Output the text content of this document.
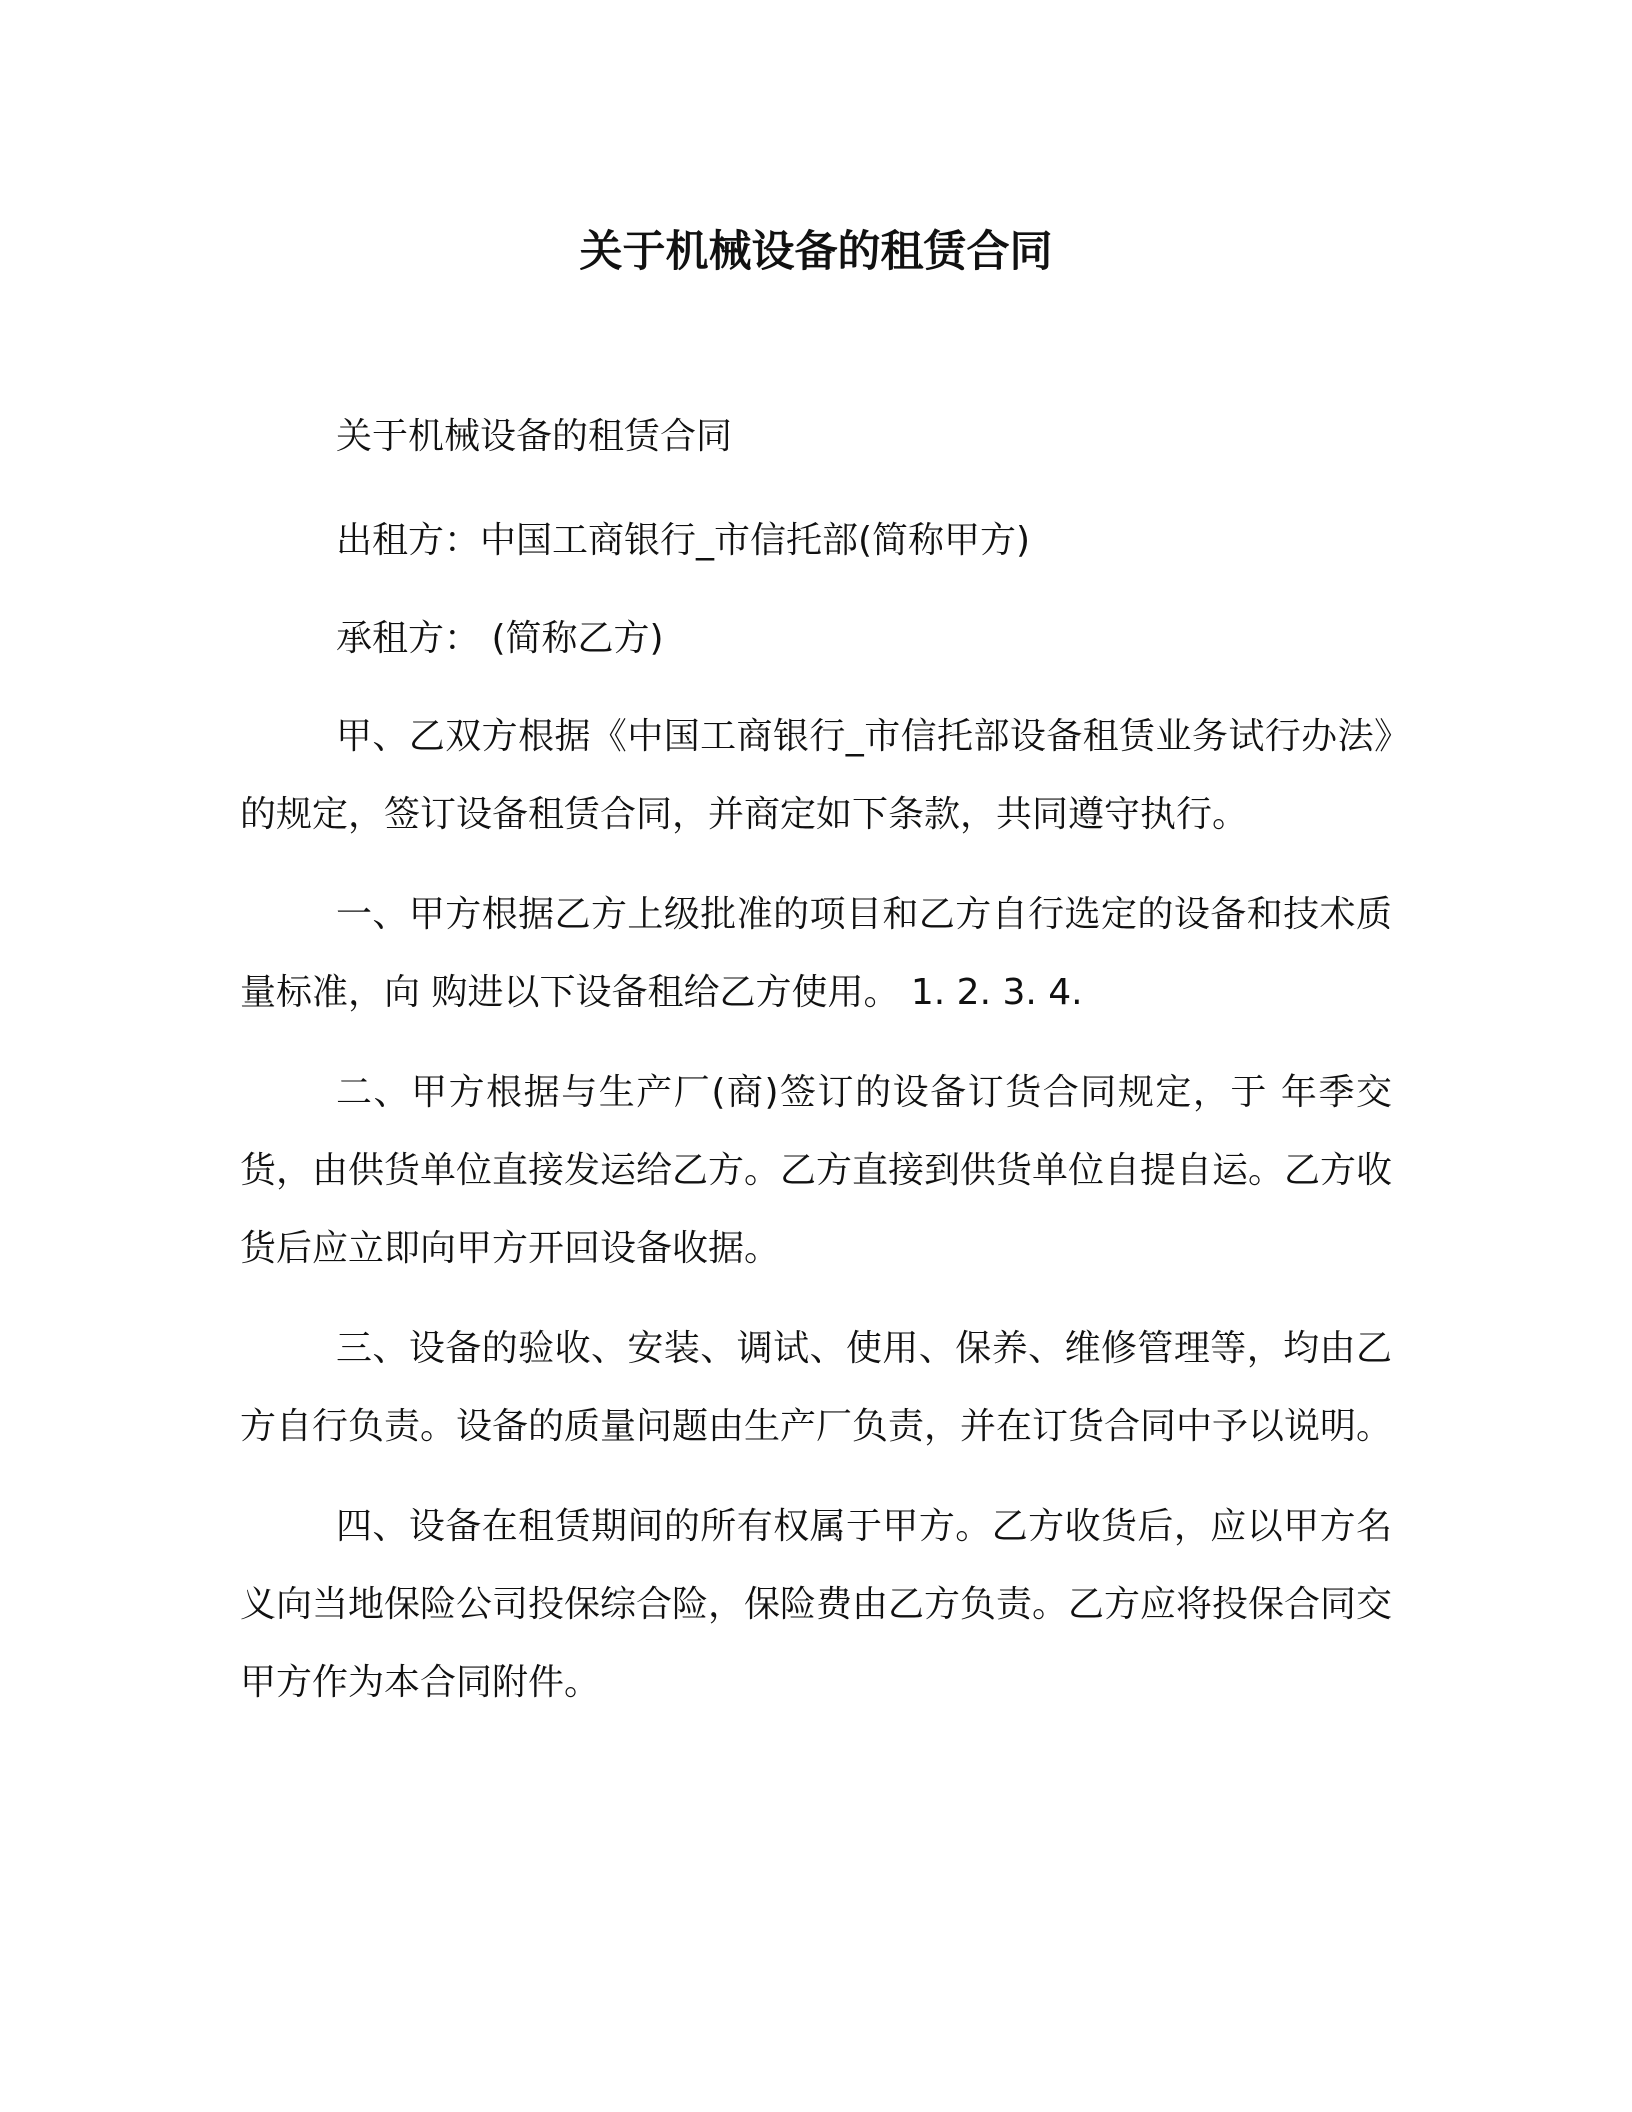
关于机械设备的租赁合同

关于机械设备的租赁合同

出租方：中国工商银行_市信托部(简称甲方)

承租方： (简称乙方)

甲、乙双方根据《中国工商银行_市信托部设备租赁业务试行办法》的规定，签订设备租赁合同，并商定如下条款，共同遵守执行。

一、甲方根据乙方上级批准的项目和乙方自行选定的设备和技术质量标准，向 购进以下设备租给乙方使用。 1. 2. 3. 4.

二、甲方根据与生产厂(商)签订的设备订货合同规定，于 年季交货，由供货单位直接发运给乙方。乙方直接到供货单位自提自运。乙方收货后应立即向甲方开回设备收据。

三、设备的验收、安装、调试、使用、保养、维修管理等，均由乙方自行负责。设备的质量问题由生产厂负责，并在订货合同中予以说明。

四、设备在租赁期间的所有权属于甲方。乙方收货后，应以甲方名义向当地保险公司投保综合险，保险费由乙方负责。乙方应将投保合同交甲方作为本合同附件。
